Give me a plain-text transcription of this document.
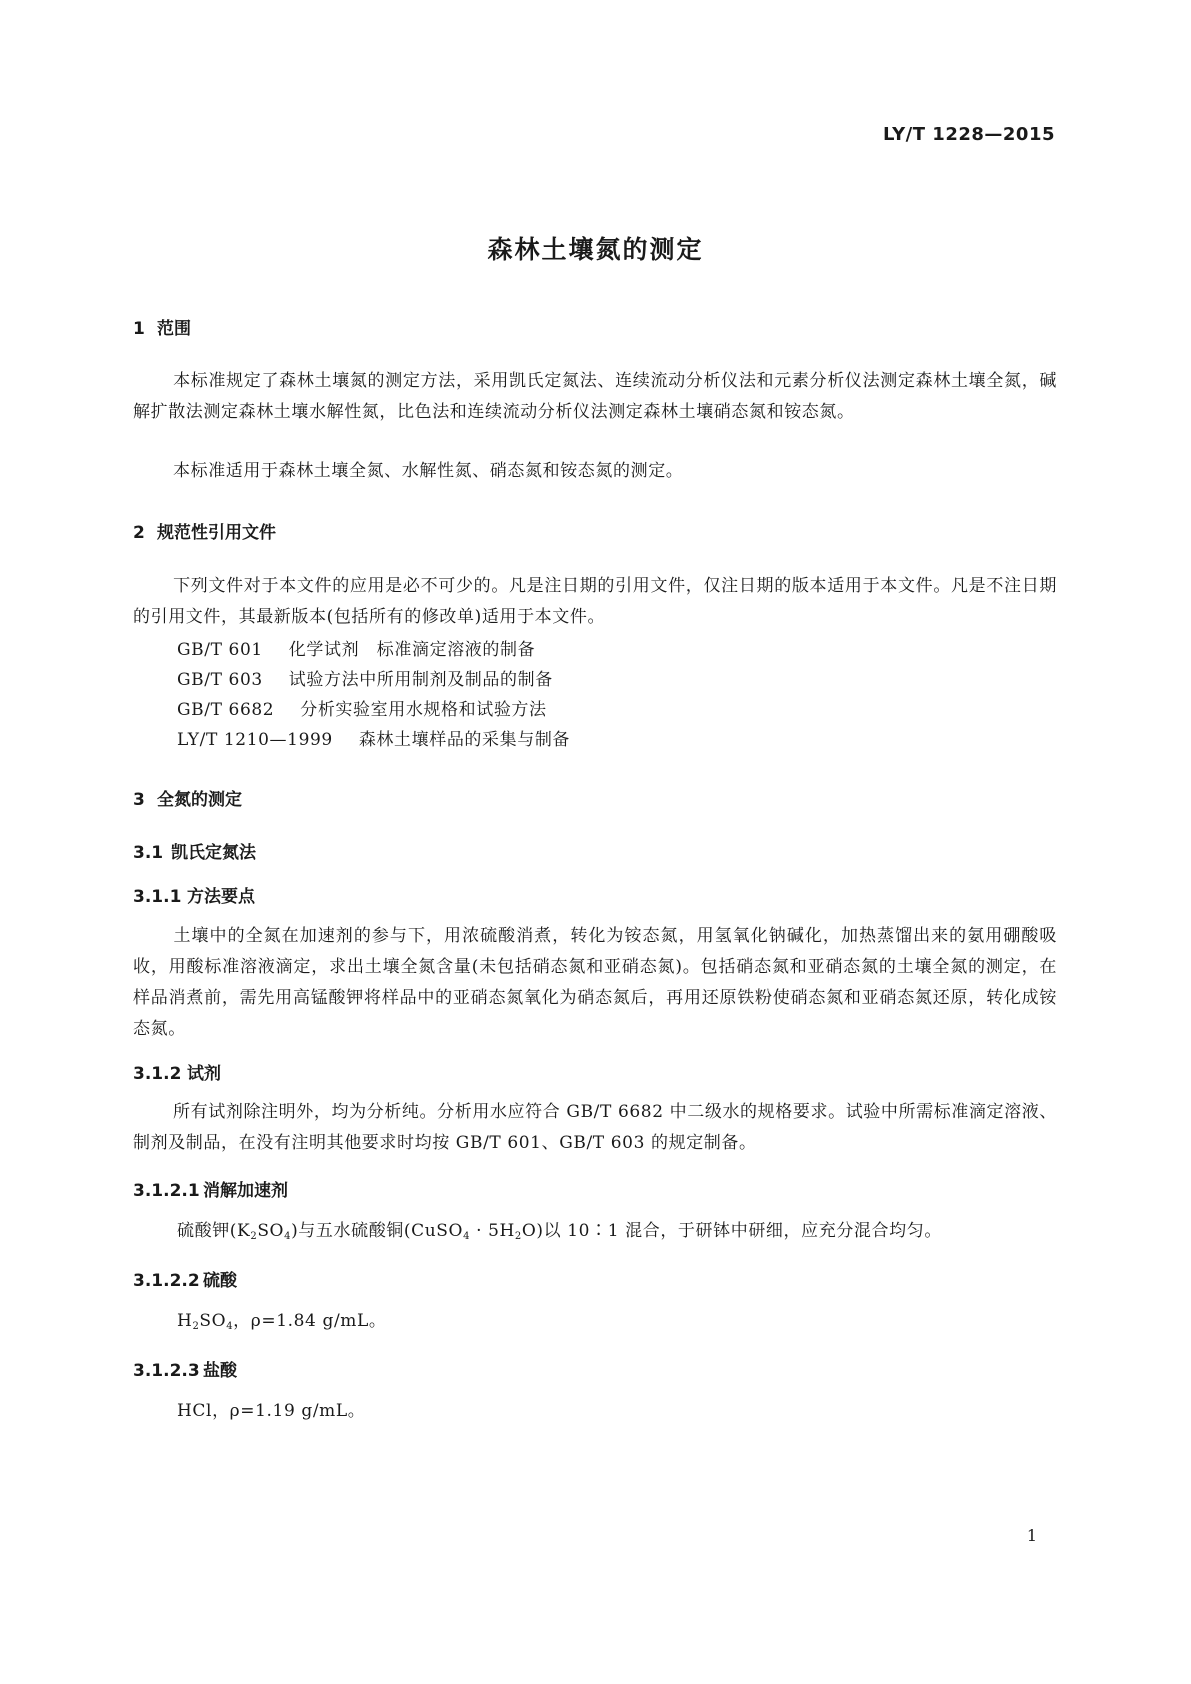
LY/T 1228—2015
森林土壤氮的测定
1 范围
本标准规定了森林土壤氮的测定方法，采用凯氏定氮法、连续流动分析仪法和元素分析仪法测定森林土壤全氮，碱解扩散法测定森林土壤水解性氮，比色法和连续流动分析仪法测定森林土壤硝态氮和铵态氮。
本标准适用于森林土壤全氮、水解性氮、硝态氮和铵态氮的测定。
2 规范性引用文件
下列文件对于本文件的应用是必不可少的。凡是注日期的引用文件，仅注日期的版本适用于本文件。凡是不注日期的引用文件，其最新版本(包括所有的修改单)适用于本文件。
GB/T 601 化学试剂　标准滴定溶液的制备
GB/T 603 试验方法中所用制剂及制品的制备
GB/T 6682 分析实验室用水规格和试验方法
LY/T 1210—1999 森林土壤样品的采集与制备
3 全氮的测定
3.1 凯氏定氮法
3.1.1 方法要点
土壤中的全氮在加速剂的参与下，用浓硫酸消煮，转化为铵态氮，用氢氧化钠碱化，加热蒸馏出来的氨用硼酸吸收，用酸标准溶液滴定，求出土壤全氮含量(未包括硝态氮和亚硝态氮)。包括硝态氮和亚硝态氮的土壤全氮的测定，在样品消煮前，需先用高锰酸钾将样品中的亚硝态氮氧化为硝态氮后，再用还原铁粉使硝态氮和亚硝态氮还原，转化成铵态氮。
3.1.2 试剂
所有试剂除注明外，均为分析纯。分析用水应符合 GB/T 6682 中二级水的规格要求。试验中所需标准滴定溶液、制剂及制品，在没有注明其他要求时均按 GB/T 601、GB/T 603 的规定制备。
3.1.2.1 消解加速剂
硫酸钾$(K_2SO_4)$与五水硫酸铜(CuSO$_4$ · $5H_2O$)以 10∶1 混合，于研钵中研细，应充分混合均匀。
3.1.2.2 硫酸
$H_2SO_4$，ρ=1.84 g/mL。
3.1.2.3 盐酸
HCl，ρ=1.19 g/mL。
1
